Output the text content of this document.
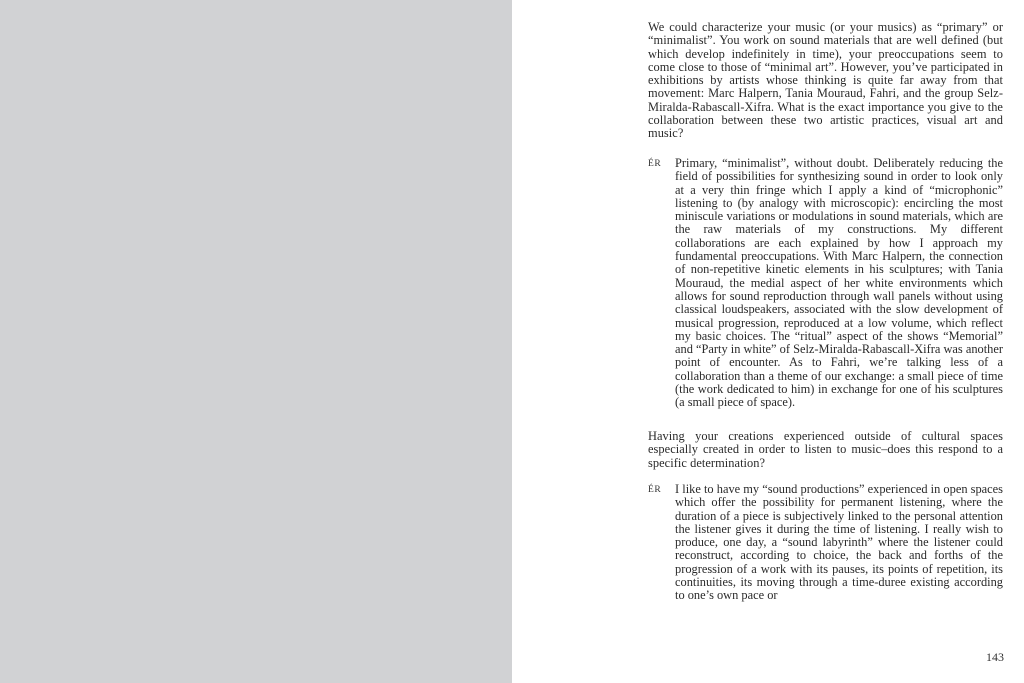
We could characterize your music (or your musics) as “primary” or “minimalist”. You work on sound materials that are well defined (but which develop indefinitely in time), your preoccupations seem to come close to those of “minimal art”. However, you’ve participated in exhibitions by artists whose thinking is quite far away from that movement: Marc Halpern, Tania Mouraud, Fahri, and the group Selz-Miralda-Rabascall-Xifra. What is the exact importance you give to the collaboration between these two artistic practices, visual art and music?

ÉR Primary, “minimalist”, without doubt. Deliberately reducing the field of possibilities for synthesizing sound in order to look only at a very thin fringe which I apply a kind of “microphonic” listening to (by analogy with microscopic): encircling the most miniscule variations or modulations in sound materials, which are the raw materials of my constructions. My different collaborations are each explained by how I approach my fundamental preoccupations. With Marc Halpern, the connection of non-repetitive kinetic elements in his sculptures; with Tania Mouraud, the medial aspect of her white environments which allows for sound reproduction through wall panels without using classical loudspeakers, associated with the slow development of musical progression, reproduced at a low volume, which reflect my basic choices. The “ritual” aspect of the shows “Memorial” and “Party in white” of Selz-Miralda-Rabascall-Xifra was another point of encounter. As to Fahri, we’re talking less of a collaboration than a theme of our exchange: a small piece of time (the work dedicated to him) in exchange for one of his sculptures (a small piece of space).

Having your creations experienced outside of cultural spaces especially created in order to listen to music–does this respond to a specific determination?

ÉR I like to have my “sound productions” experienced in open spaces which offer the possibility for permanent listening, where the duration of a piece is subjectively linked to the personal attention the listener gives it during the time of listening. I really wish to produce, one day, a “sound labyrinth” where the listener could reconstruct, according to choice, the back and forths of the progression of a work with its pauses, its points of repetition, its continuities, its moving through a time-duree existing according to one’s own pace or

143
